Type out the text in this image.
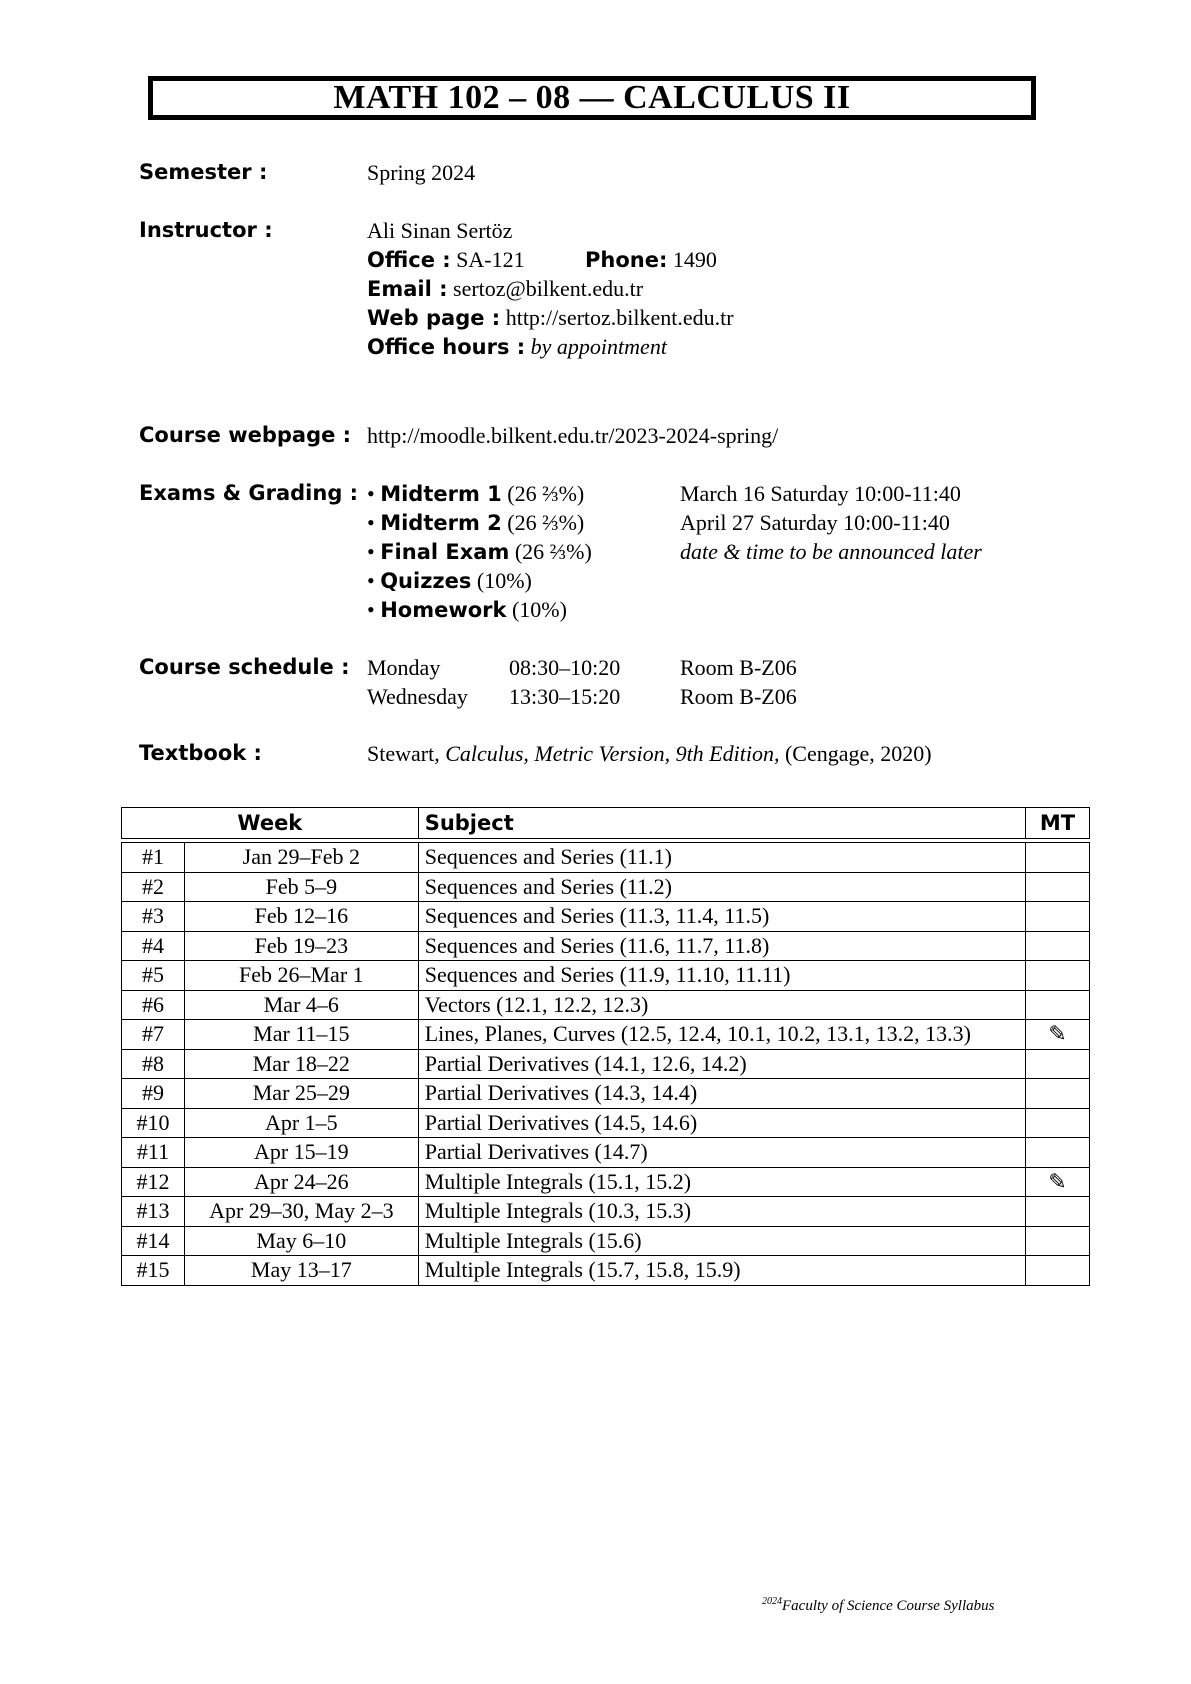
MATH 102 – 08 — CALCULUS II
Semester :	Spring 2024
Instructor :	Ali Sinan Sertöz
Office : SA-121	Phone: 1490
Email : sertoz@bilkent.edu.tr
Web page : http://sertoz.bilkent.edu.tr
Office hours : by appointment
Course webpage : http://moodle.bilkent.edu.tr/2023-2024-spring/
Exams & Grading : • Midterm 1 (26 ⅔%)	March 16 Saturday 10:00-11:40
• Midterm 2 (26 ⅔%)	April 27 Saturday 10:00-11:40
• Final Exam (26 ⅔%)	date & time to be announced later
• Quizzes (10%)
• Homework (10%)
Course schedule : Monday	08:30–10:20	Room B-Z06
Wednesday 13:30–15:20	Room B-Z06
Textbook :	Stewart, Calculus, Metric Version, 9th Edition, (Cengage, 2020)
Week		Subject	MT

#1	Jan 29–Feb 2	Sequences and Series (11.1)	
#2	Feb 5–9	Sequences and Series (11.2)	
#3	Feb 12–16	Sequences and Series (11.3, 11.4, 11.5)	
#4	Feb 19–23	Sequences and Series (11.6, 11.7, 11.8)	
#5	Feb 26–Mar 1	Sequences and Series (11.9, 11.10, 11.11)	
#6	Mar 4–6	Vectors (12.1, 12.2, 12.3)	
#7	Mar 11–15	Lines, Planes, Curves (12.5, 12.4, 10.1, 10.2, 13.1, 13.2, 13.3)	✎
#8	Mar 18–22	Partial Derivatives (14.1, 12.6, 14.2)	
#9	Mar 25–29	Partial Derivatives (14.3, 14.4)	
#10	Apr 1–5	Partial Derivatives (14.5, 14.6)	
#11	Apr 15–19	Partial Derivatives (14.7)	
#12	Apr 24–26	Multiple Integrals (15.1, 15.2)	✎
#13	Apr 29–30, May 2–3	Multiple Integrals (10.3, 15.3)	
#14	May 6–10	Multiple Integrals (15.6)	
#15	May 13–17	Multiple Integrals (15.7, 15.8, 15.9)	
$^{2024}$Faculty of Science Course Syllabus
